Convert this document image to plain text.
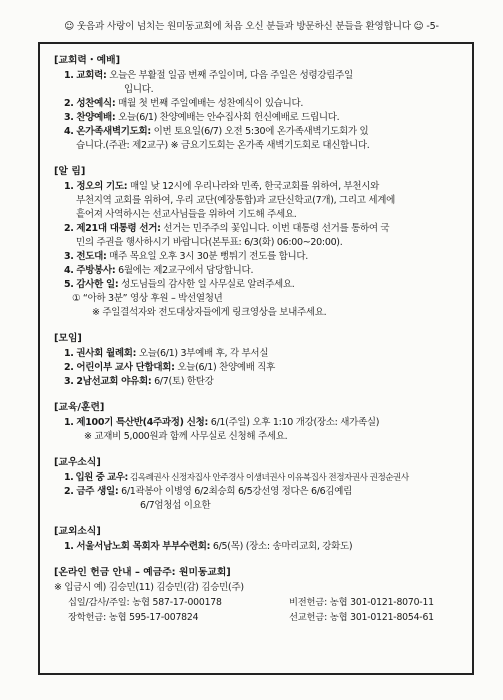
☺ 웃음과 사랑이 넘치는 원미동교회에 처음 오신 분들과 방문하신 분들을 환영합니다 ☺ -5-
[교회력・예배]
1. 교회력: 오늘은 부활절 일곱 번째 주일이며, 다음 주일은 성령강림주일
입니다.
2. 성찬예식: 매월 첫 번째 주일예배는 성찬예식이 있습니다.
3. 찬양예배: 오늘(6/1) 찬양예배는 안수집사회 헌신예배로 드립니다.
4. 온가족새벽기도회: 이번 토요일(6/7) 오전 5:30에 온가족새벽기도회가 있
습니다.(주관: 제2교구) ※ 금요기도회는 온가족 새벽기도회로 대신합니다.
[알 림]
1. 정오의 기도: 매일 낮 12시에 우리나라와 민족, 한국교회를 위하여, 부천시와
부천지역 교회를 위하여, 우리 교단(예장통합)과 교단신학교(7개), 그리고 세계에
흩어져 사역하시는 선교사님들을 위하여 기도해 주세요.
2. 제21대 대통령 선거: 선거는 민주주의 꽃입니다. 이번 대통령 선거를 통하여 국
민의 주권을 행사하시기 바랍니다(본투표: 6/3(화) 06:00~20:00).
3. 전도대: 매주 목요일 오후 3시 30분 뻥튀기 전도를 합니다.
4. 주방봉사: 6월에는 제2교구에서 담당합니다.
5. 감사한 일: 성도님들의 감사한 일 사무실로 알려주세요.
① “아하 3분” 영상 후원 – 박선열청년
※ 주일결석자와 전도대상자들에게 링크영상을 보내주세요.
[모임]
1. 권사회 월례회: 오늘(6/1) 3부예배 후, 각 부서실
2. 어린이부 교사 단합대회: 오늘(6/1) 찬양예배 직후
3. 2남선교회 야유회: 6/7(토) 한탄강
[교육/훈련]
1. 제100기 특산반(4주과정) 신청: 6/1(주일) 오후 1:10 개강(장소: 새가족실)
※ 교재비 5,000원과 함께 사무실로 신청해 주세요.
[교우소식]
1. 입원 중 교우: 김옥례권사 신정자집사 안주경사 이생녀권사 이유복집사 전정자권사 권정순권사
2. 금주 생일: 6/1곽봉아 이병영 6/2최승희 6/5강선영 정다은 6/6김예림
6/7엄청섭 이요한
[교외소식]
1. 서울서남노회 목회자 부부수련회: 6/5(목) (장소: 송마리교회, 강화도)
[온라인 헌금 안내 – 예금주: 원미동교회]
※ 입금시 예) 김승민(11) 김승민(감) 김승민(주)
십일/감사/주일: 농협 587-17-000178	비전헌금: 농협 301-0121-8070-11
장학헌금: 농협 595-17-007824	선교헌금: 농협 301-0121-8054-61
